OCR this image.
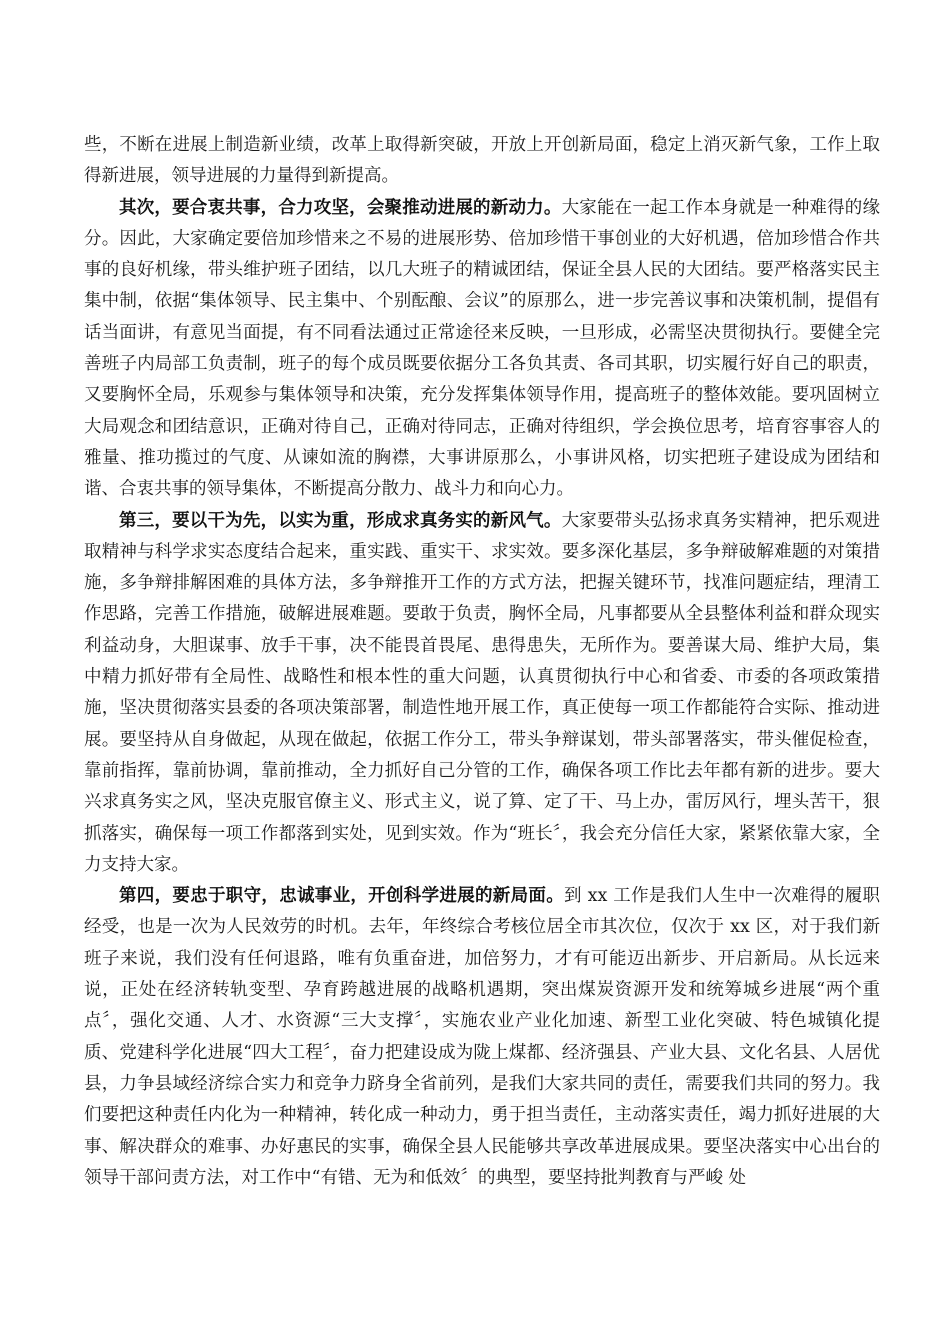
些，不断在进展上制造新业绩，改革上取得新突破，开放上开创新局面，稳定上消灭新气象，工作上取得新进展，领导进展的力量得到新提高。

其次，要合衷共事，合力攻坚，会聚推动进展的新动力。大家能在一起工作本身就是一种难得的缘分。因此，大家确定要倍加珍惜来之不易的进展形势、倍加珍惜干事创业的大好机遇，倍加珍惜合作共事的良好机缘，带头维护班子团结，以几大班子的精诚团结，保证全县人民的大团结。要严格落实民主集中制，依据“集体领导、民主集中、个别酝酿、会议”的原那么，进一步完善议事和决策机制，提倡有话当面讲，有意见当面提，有不同看法通过正常途径来反映，一旦形成，必需坚决贯彻执行。要健全完善班子内局部工负责制，班子的每个成员既要依据分工各负其责、各司其职，切实履行好自己的职责，又要胸怀全局，乐观参与集体领导和决策，充分发挥集体领导作用，提高班子的整体效能。要巩固树立大局观念和团结意识，正确对待自己，正确对待同志，正确对待组织，学会换位思考，培育容事容人的雅量、推功揽过的气度、从谏如流的胸襟，大事讲原那么，小事讲风格，切实把班子建设成为团结和谐、合衷共事的领导集体，不断提高分散力、战斗力和向心力。

第三，要以干为先，以实为重，形成求真务实的新风气。大家要带头弘扬求真务实精神，把乐观进取精神与科学求实态度结合起来，重实践、重实干、求实效。要多深化基层，多争辩破解难题的对策措施，多争辩排解困难的具体方法，多争辩推开工作的方式方法，把握关键环节，找准问题症结，理清工作思路，完善工作措施，破解进展难题。要敢于负责，胸怀全局，凡事都要从全县整体利益和群众现实利益动身，大胆谋事、放手干事，决不能畏首畏尾、患得患失，无所作为。要善谋大局、维护大局，集中精力抓好带有全局性、战略性和根本性的重大问题，认真贯彻执行中心和省委、市委的各项政策措施，坚决贯彻落实县委的各项决策部署，制造性地开展工作，真正使每一项工作都能符合实际、推动进展。要坚持从自身做起，从现在做起，依据工作分工，带头争辩谋划，带头部署落实，带头催促检查，靠前指挥，靠前协调，靠前推动，全力抓好自己分管的工作，确保各项工作比去年都有新的进步。要大兴求真务实之风，坚决克服官僚主义、形式主义，说了算、定了干、马上办，雷厉风行，埋头苦干，狠抓落实，确保每一项工作都落到实处，见到实效。作为“班长〞，我会充分信任大家，紧紧依靠大家，全力支持大家。

第四，要忠于职守，忠诚事业，开创科学进展的新局面。到 xx 工作是我们人生中一次难得的履职经受，也是一次为人民效劳的时机。去年，年终综合考核位居全市其次位，仅次于 xx 区，对于我们新班子来说，我们没有任何退路，唯有负重奋进，加倍努力，才有可能迈出新步、开启新局。从长远来说，正处在经济转轨变型、孕育跨越进展的战略机遇期，突出煤炭资源开发和统筹城乡进展“两个重点〞，强化交通、人才、水资源“三大支撑〞，实施农业产业化加速、新型工业化突破、特色城镇化提质、党建科学化进展“四大工程〞，奋力把建设成为陇上煤都、经济强县、产业大县、文化名县、人居优县，力争县域经济综合实力和竞争力跻身全省前列，是我们大家共同的责任，需要我们共同的努力。我们要把这种责任内化为一种精神，转化成一种动力，勇于担当责任，主动落实责任，竭力抓好进展的大事、解决群众的难事、办好惠民的实事，确保全县人民能够共享改革进展成果。要坚决落实中心出台的领导干部问责方法，对工作中“有错、无为和低效〞的典型，要坚持批判教育与严峻 处
